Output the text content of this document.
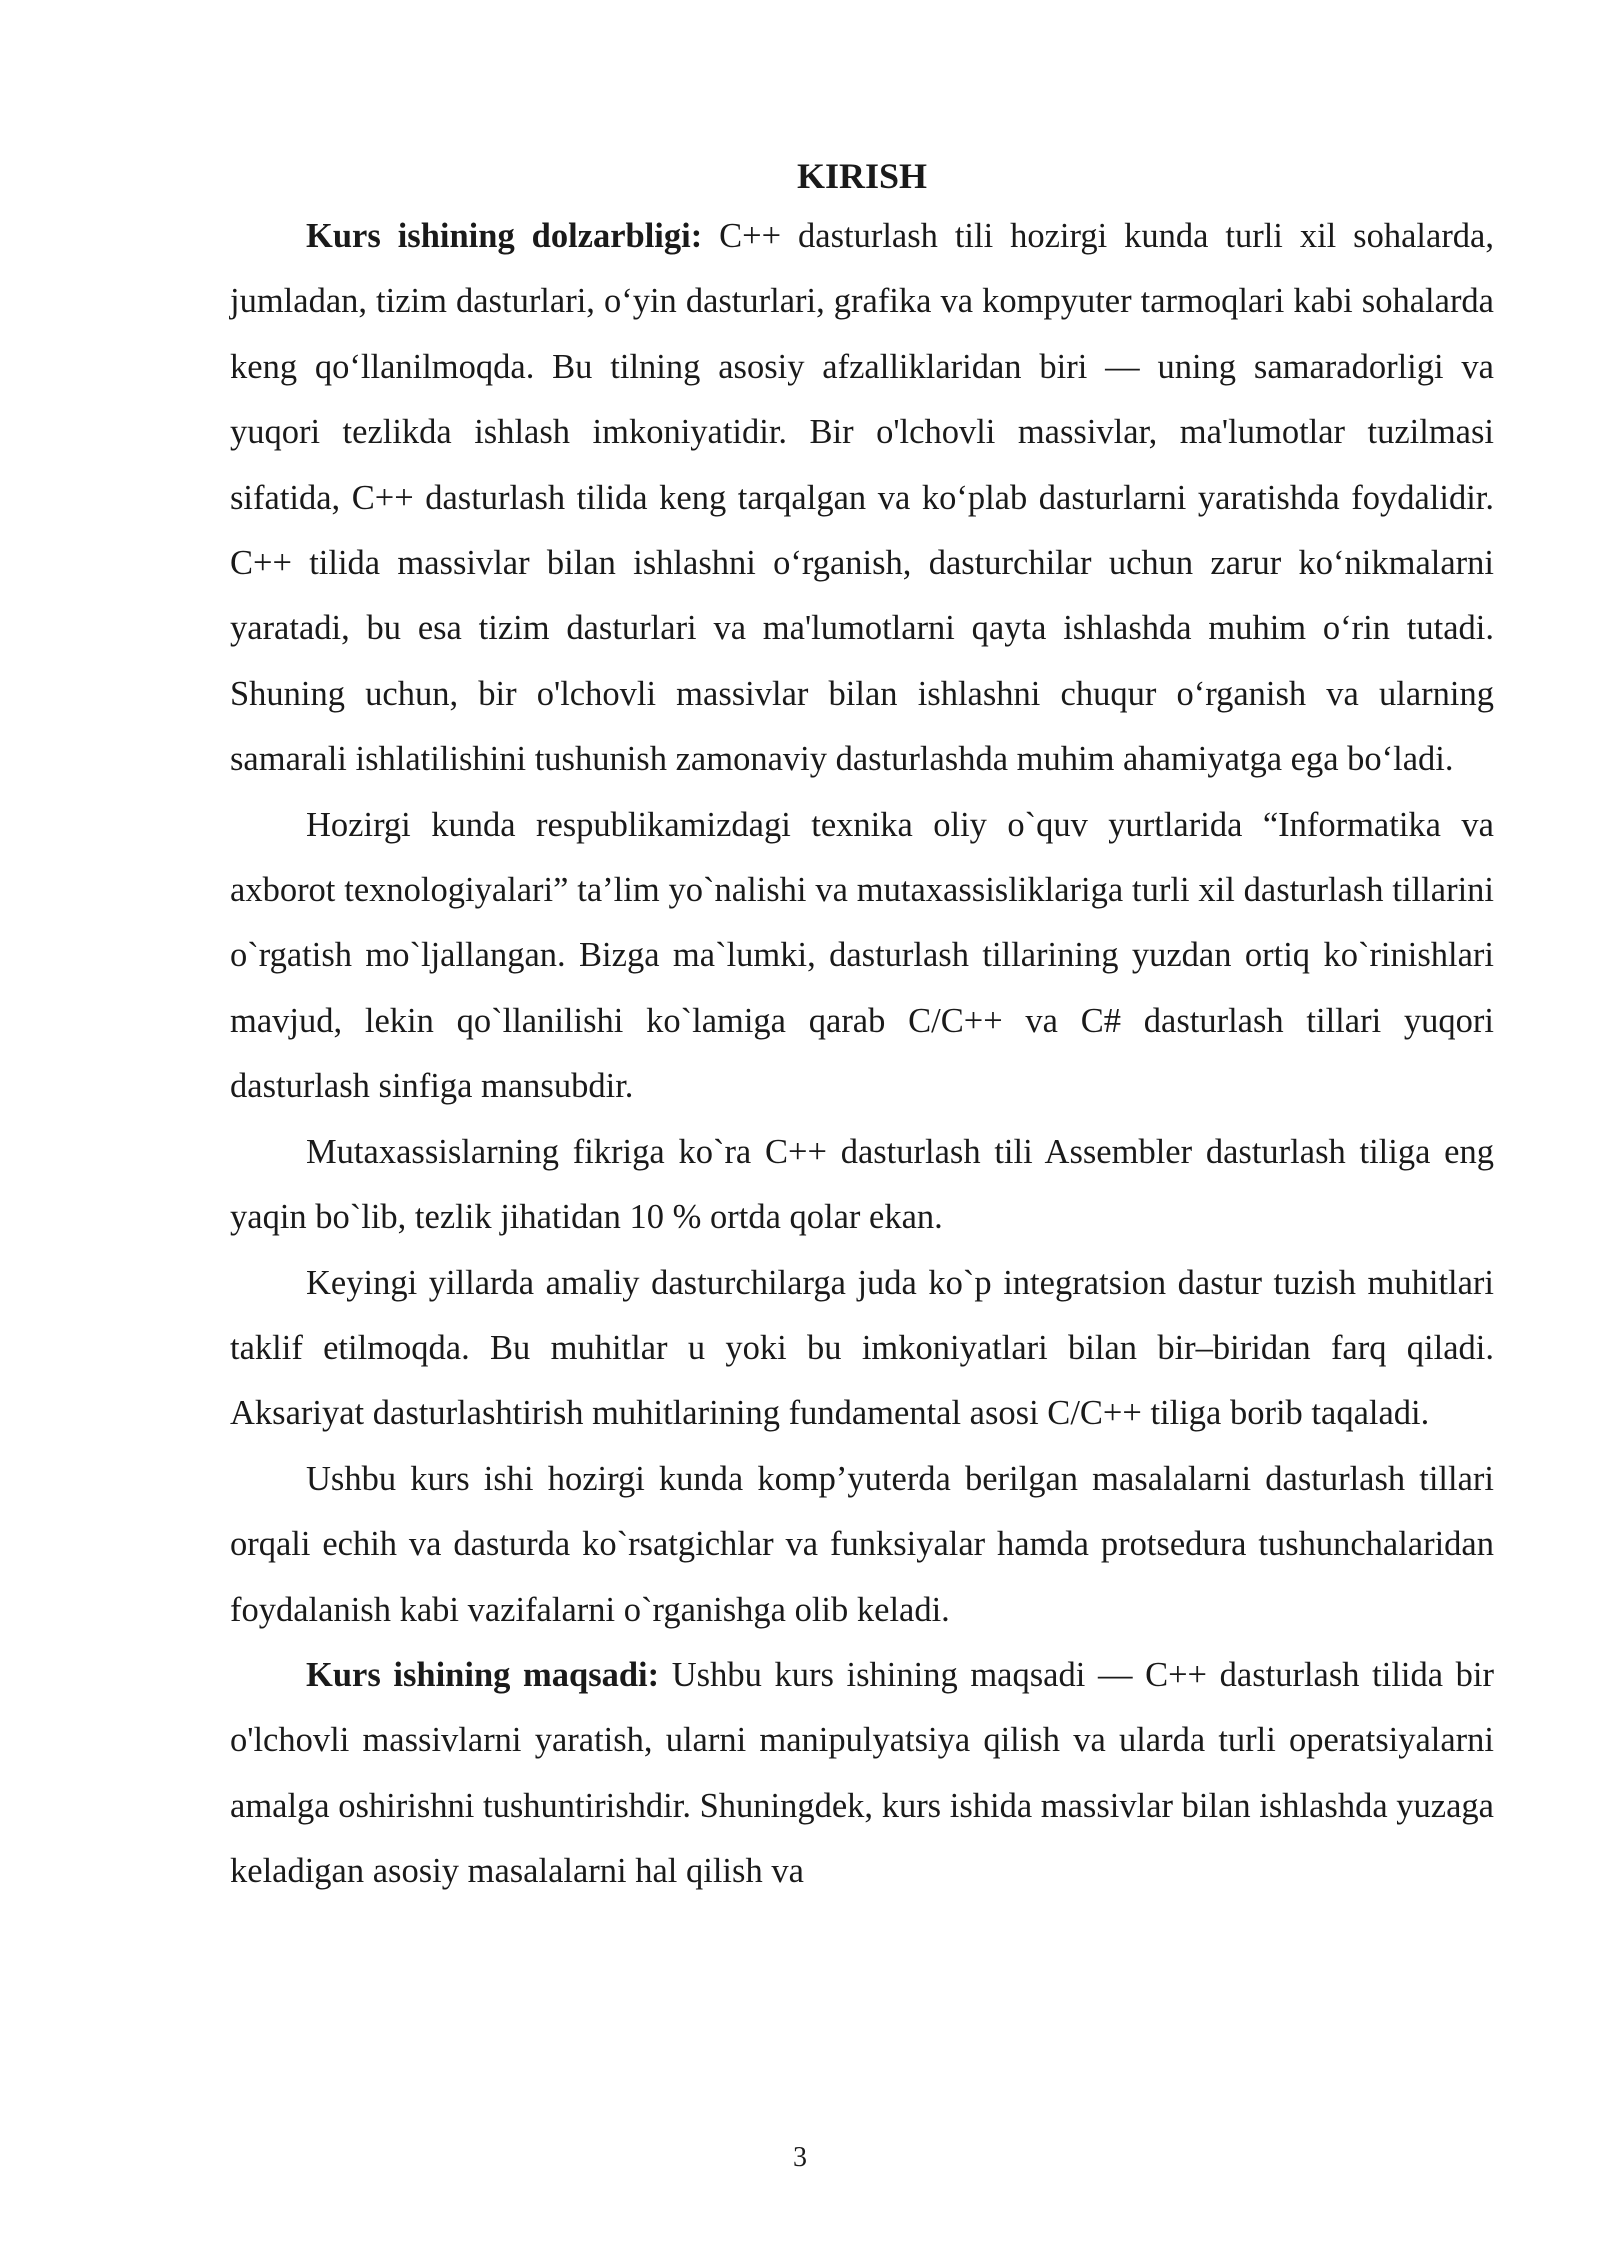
KIRISH

Kurs ishining dolzarbligi: C++ dasturlash tili hozirgi kunda turli xil sohalarda, jumladan, tizim dasturlari, o‘yin dasturlari, grafika va kompyuter tarmoqlari kabi sohalarda keng qo‘llanilmoqda. Bu tilning asosiy afzalliklaridan biri — uning samaradorligi va yuqori tezlikda ishlash imkoniyatidir. Bir o'lchovli massivlar, ma'lumotlar tuzilmasi sifatida, C++ dasturlash tilida keng tarqalgan va ko‘plab dasturlarni yaratishda foydalidir. C++ tilida massivlar bilan ishlashni o‘rganish, dasturchilar uchun zarur ko‘nikmalarni yaratadi, bu esa tizim dasturlari va ma'lumotlarni qayta ishlashda muhim o‘rin tutadi. Shuning uchun, bir o'lchovli massivlar bilan ishlashni chuqur o‘rganish va ularning samarali ishlatilishini tushunish zamonaviy dasturlashda muhim ahamiyatga ega bo‘ladi.

Hozirgi kunda respublikamizdagi texnika oliy o`quv yurtlarida “Informatika va axborot texnologiyalari” ta’lim yo`nalishi va mutaxassisliklariga turli xil dasturlash tillarini o`rgatish mo`ljallangan. Bizga ma`lumki, dasturlash tillarining yuzdan ortiq ko`rinishlari mavjud, lekin qo`llanilishi ko`lamiga qarab C/C++ va C# dasturlash tillari yuqori dasturlash sinfiga mansubdir.

Mutaxassislarning fikriga ko`ra C++ dasturlash tili Assembler dasturlash tiliga eng yaqin bo`lib, tezlik jihatidan 10 % ortda qolar ekan.

Keyingi yillarda amaliy dasturchilarga juda ko`p integratsion dastur tuzish muhitlari taklif etilmoqda. Bu muhitlar u yoki bu imkoniyatlari bilan bir–biridan farq qiladi. Aksariyat dasturlashtirish muhitlarining fundamental asosi C/C++ tiliga borib taqaladi.

Ushbu kurs ishi hozirgi kunda komp’yuterda berilgan masalalarni dasturlash tillari orqali echih va dasturda ko`rsatgichlar va funksiyalar hamda protsedura tushunchalaridan foydalanish kabi vazifalarni o`rganishga olib keladi.

Kurs ishining maqsadi: Ushbu kurs ishining maqsadi — C++ dasturlash tilida bir o'lchovli massivlarni yaratish, ularni manipulyatsiya qilish va ularda turli operatsiyalarni amalga oshirishni tushuntirishdir. Shuningdek, kurs ishida massivlar bilan ishlashda yuzaga keladigan asosiy masalalarni hal qilish va

3
